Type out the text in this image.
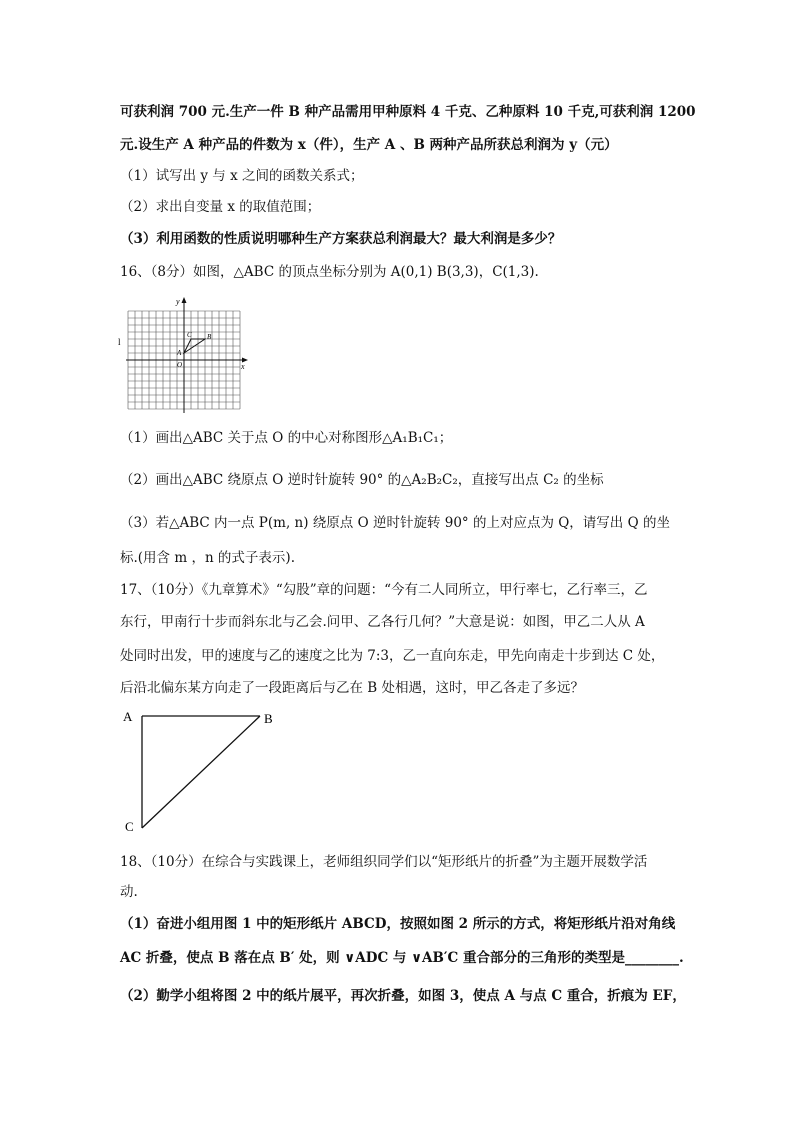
可获利润 700 元.生产一件 B 种产品需用甲种原料 4 千克、乙种原料 10 千克,可获利润 1200
元.设生产 A 种产品的件数为 x（件），生产 A 、B 两种产品所获总利润为 y（元）
（1）试写出 y 与 x 之间的函数关系式；
（2）求出自变量 x 的取值范围；
（3）利用函数的性质说明哪种生产方案获总利润最大？最大利润是多少？
16、（8分）如图，△ABC 的顶点坐标分别为 A(0,1) B(3,3)，C(1,3).
y
x
A
B
C
O
l
（1）画出△ABC 关于点 O 的中心对称图形△A₁B₁C₁；
（2）画出△ABC 绕原点 O 逆时针旋转 90° 的△A₂B₂C₂，直接写出点 C₂ 的坐标
（3）若△ABC 内一点 P(m, n) 绕原点 O 逆时针旋转 90° 的上对应点为 Q，请写出 Q 的坐
标.(用含 m ，n 的式子表示).
17、（10分）《九章算术》“勾股”章的问题：“今有二人同所立，甲行率七，乙行率三，乙
东行，甲南行十步而斜东北与乙会.问甲、乙各行几何？”大意是说：如图，甲乙二人从 A
处同时出发，甲的速度与乙的速度之比为 7:3，乙一直向东走，甲先向南走十步到达 C 处，
后沿北偏东某方向走了一段距离后与乙在 B 处相遇，这时，甲乙各走了多远？
A	B
C
18、（10分）在综合与实践课上，老师组织同学们以“矩形纸片的折叠”为主题开展数学活
动.
（1）奋进小组用图 1 中的矩形纸片 ABCD，按照如图 2 所示的方式，将矩形纸片沿对角线
AC 折叠，使点 B 落在点 B′ 处，则 ∨ADC 与 ∨AB′C 重合部分的三角形的类型是________.
（2）勤学小组将图 2 中的纸片展平，再次折叠，如图 3，使点 A 与点 C 重合，折痕为 EF，
